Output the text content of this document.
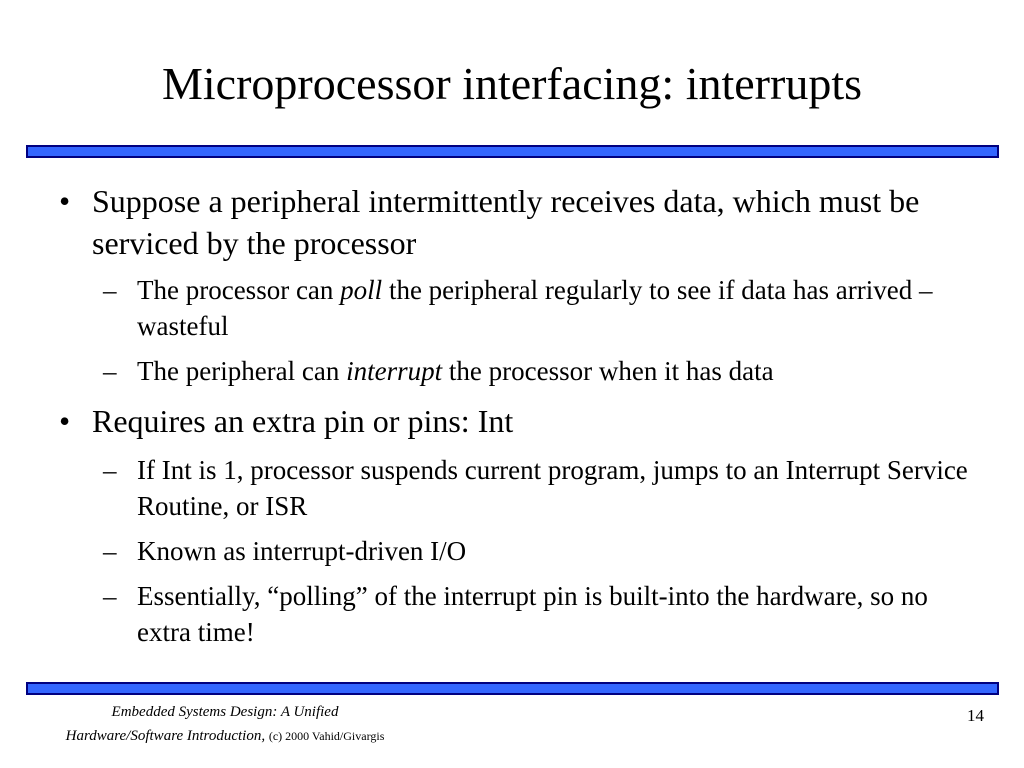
Microprocessor interfacing: interrupts
• Suppose a peripheral intermittently receives data, which must be serviced by the processor
– The processor can poll the peripheral regularly to see if data has arrived – wasteful
– The peripheral can interrupt the processor when it has data
• Requires an extra pin or pins: Int
– If Int is 1, processor suspends current program, jumps to an Interrupt Service Routine, or ISR
– Known as interrupt-driven I/O
– Essentially, “polling” of the interrupt pin is built-into the hardware, so no extra time!
Embedded Systems Design: A Unified
Hardware/Software Introduction, (c) 2000 Vahid/Givargis
14
